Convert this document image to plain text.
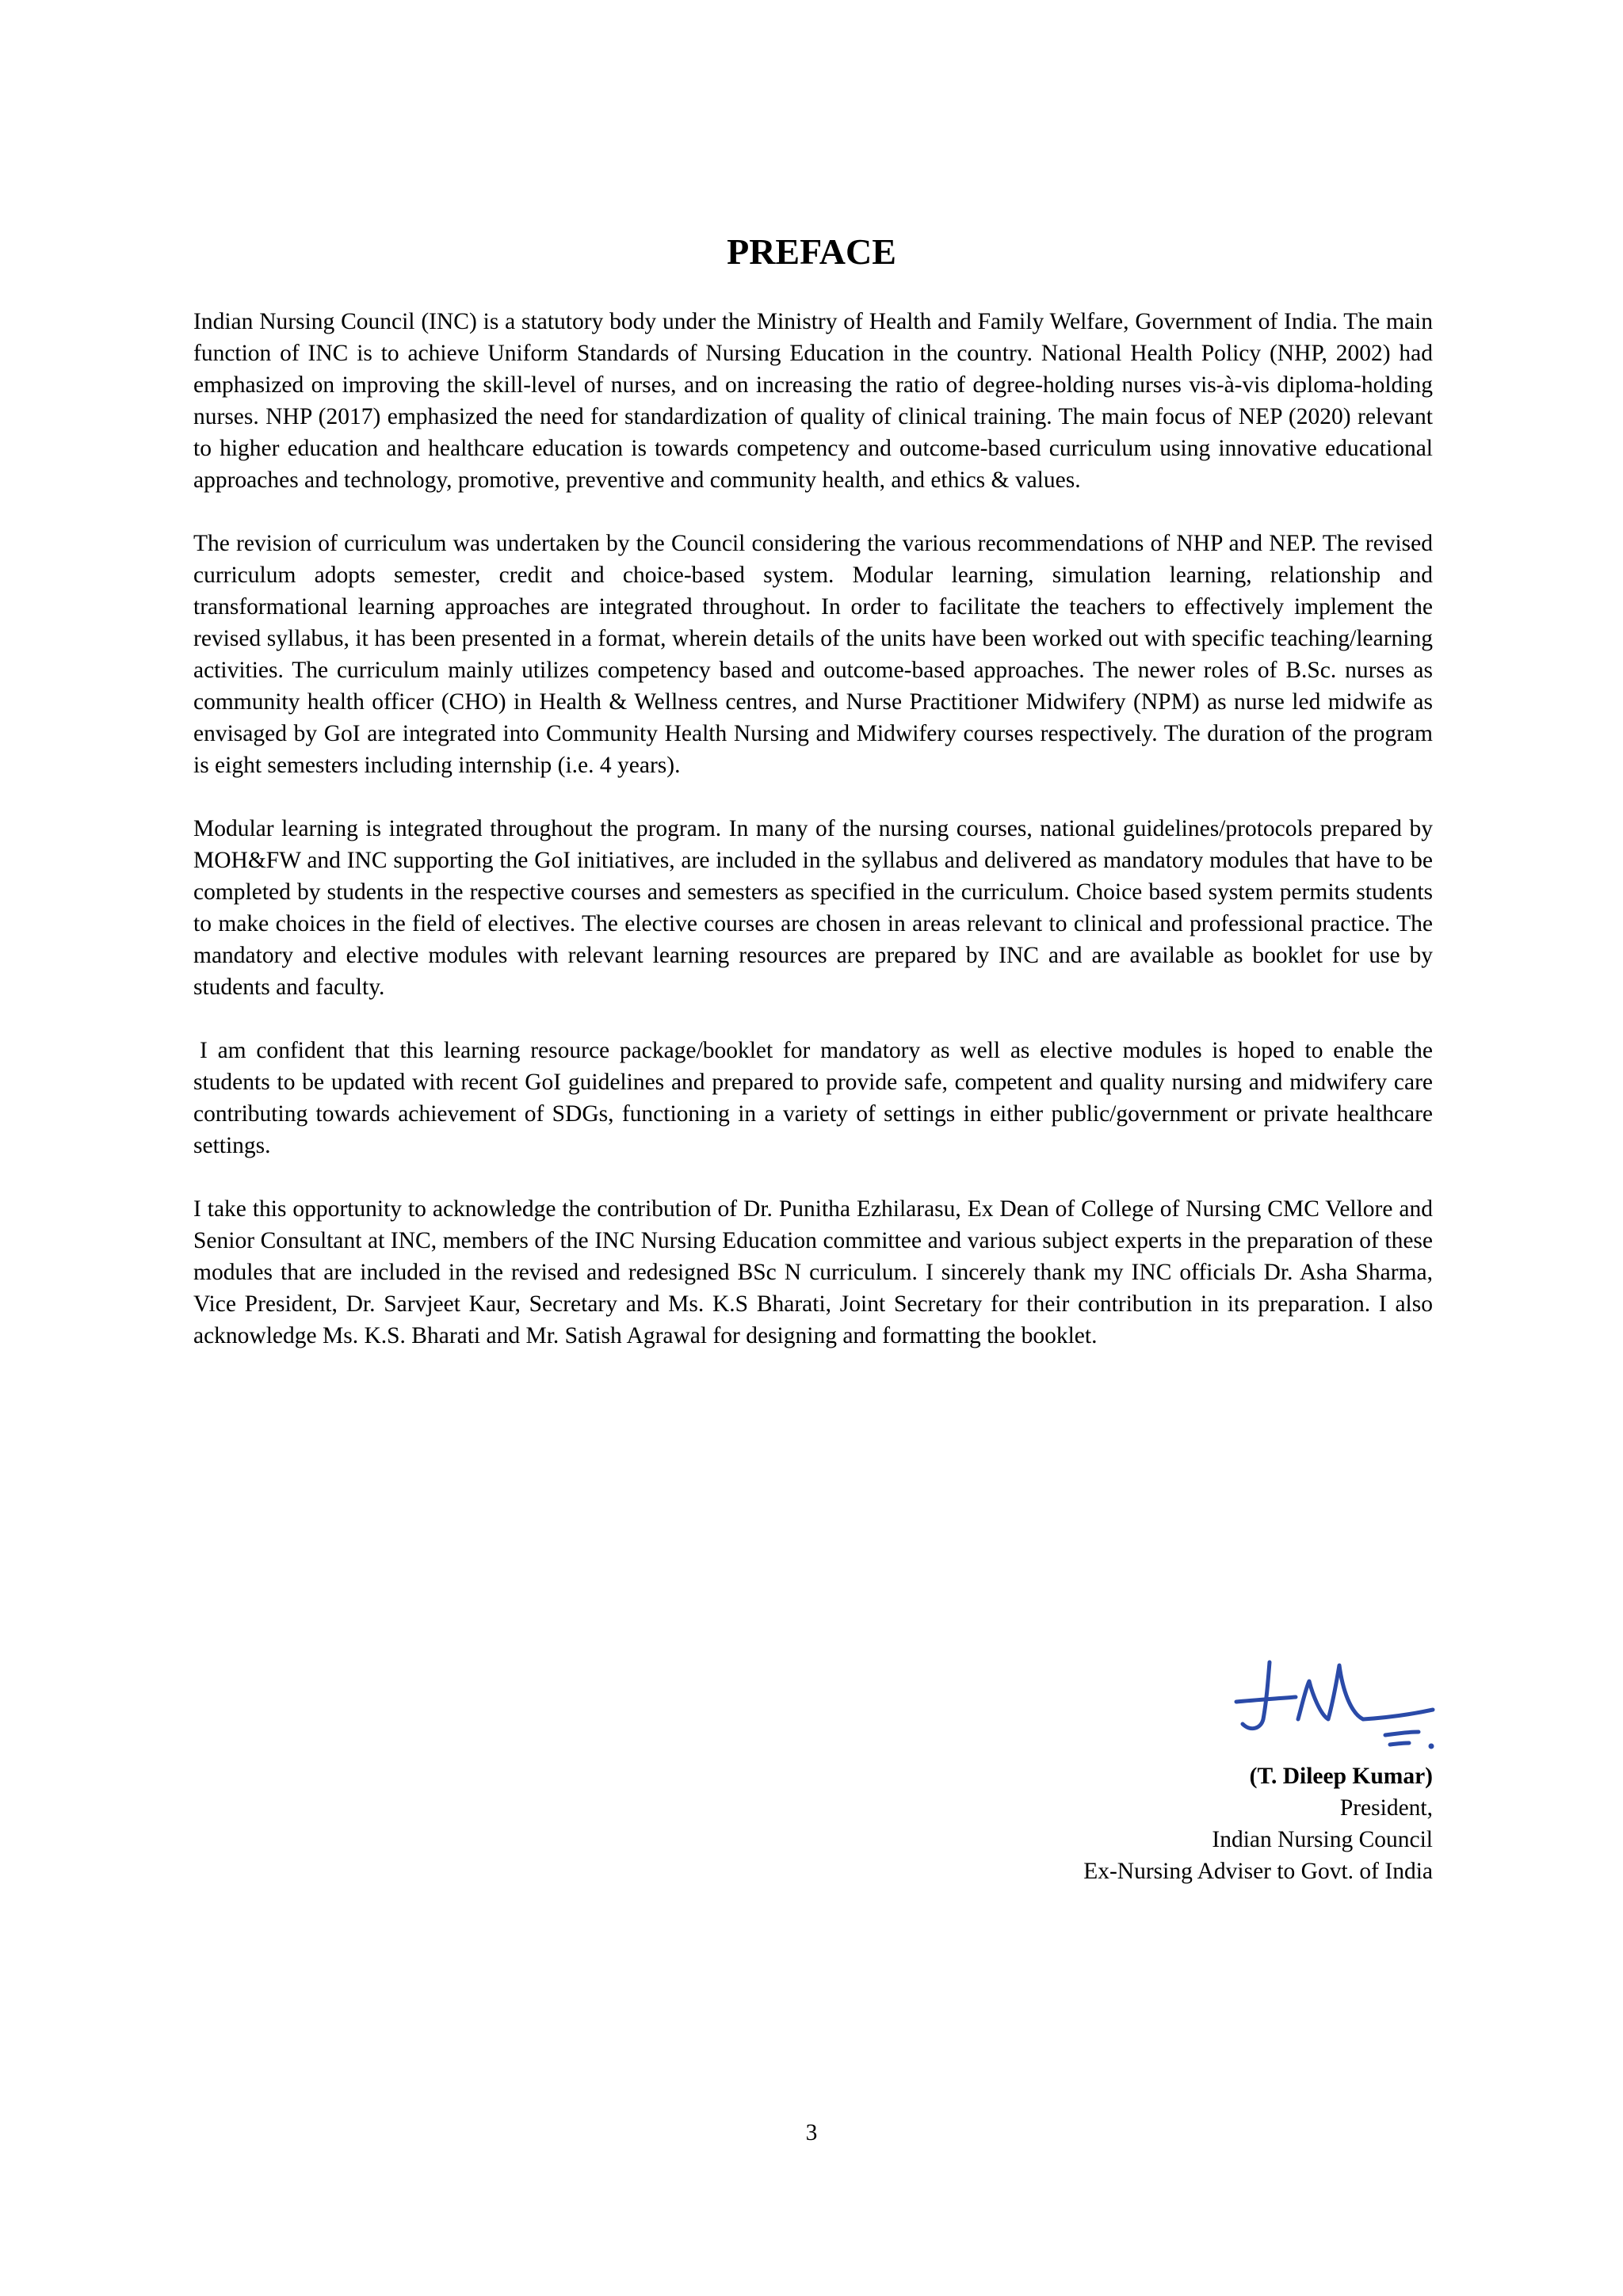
PREFACE

Indian Nursing Council (INC) is a statutory body under the Ministry of Health and Family Welfare, Government of India. The main function of INC is to achieve Uniform Standards of Nursing Education in the country. National Health Policy (NHP, 2002) had emphasized on improving the skill-level of nurses, and on increasing the ratio of degree-holding nurses vis-à-vis diploma-holding nurses. NHP (2017) emphasized the need for standardization of quality of clinical training. The main focus of NEP (2020) relevant to higher education and healthcare education is towards competency and outcome-based curriculum using innovative educational approaches and technology, promotive, preventive and community health, and ethics & values.

The revision of curriculum was undertaken by the Council considering the various recommendations of NHP and NEP. The revised curriculum adopts semester, credit and choice-based system. Modular learning, simulation learning, relationship and transformational learning approaches are integrated throughout. In order to facilitate the teachers to effectively implement the revised syllabus, it has been presented in a format, wherein details of the units have been worked out with specific teaching/learning activities. The curriculum mainly utilizes competency based and outcome-based approaches. The newer roles of B.Sc. nurses as community health officer (CHO) in Health & Wellness centres, and Nurse Practitioner Midwifery (NPM) as nurse led midwife as envisaged by GoI are integrated into Community Health Nursing and Midwifery courses respectively. The duration of the program is eight semesters including internship (i.e. 4 years).

Modular learning is integrated throughout the program. In many of the nursing courses, national guidelines/protocols prepared by MOH&FW and INC supporting the GoI initiatives, are included in the syllabus and delivered as mandatory modules that have to be completed by students in the respective courses and semesters as specified in the curriculum. Choice based system permits students to make choices in the field of electives. The elective courses are chosen in areas relevant to clinical and professional practice. The mandatory and elective modules with relevant learning resources are prepared by INC and are available as booklet for use by students and faculty.

I am confident that this learning resource package/booklet for mandatory as well as elective modules is hoped to enable the students to be updated with recent GoI guidelines and prepared to provide safe, competent and quality nursing and midwifery care contributing towards achievement of SDGs, functioning in a variety of settings in either public/government or private healthcare settings.

I take this opportunity to acknowledge the contribution of Dr. Punitha Ezhilarasu, Ex Dean of College of Nursing CMC Vellore and Senior Consultant at INC, members of the INC Nursing Education committee and various subject experts in the preparation of these modules that are included in the revised and redesigned BSc N curriculum. I sincerely thank my INC officials Dr. Asha Sharma, Vice President, Dr. Sarvjeet Kaur, Secretary and Ms. K.S Bharati, Joint Secretary for their contribution in its preparation. I also acknowledge Ms. K.S. Bharati and Mr. Satish Agrawal for designing and formatting the booklet.

(T. Dileep Kumar)
President,
Indian Nursing Council
Ex-Nursing Adviser to Govt. of India
3
